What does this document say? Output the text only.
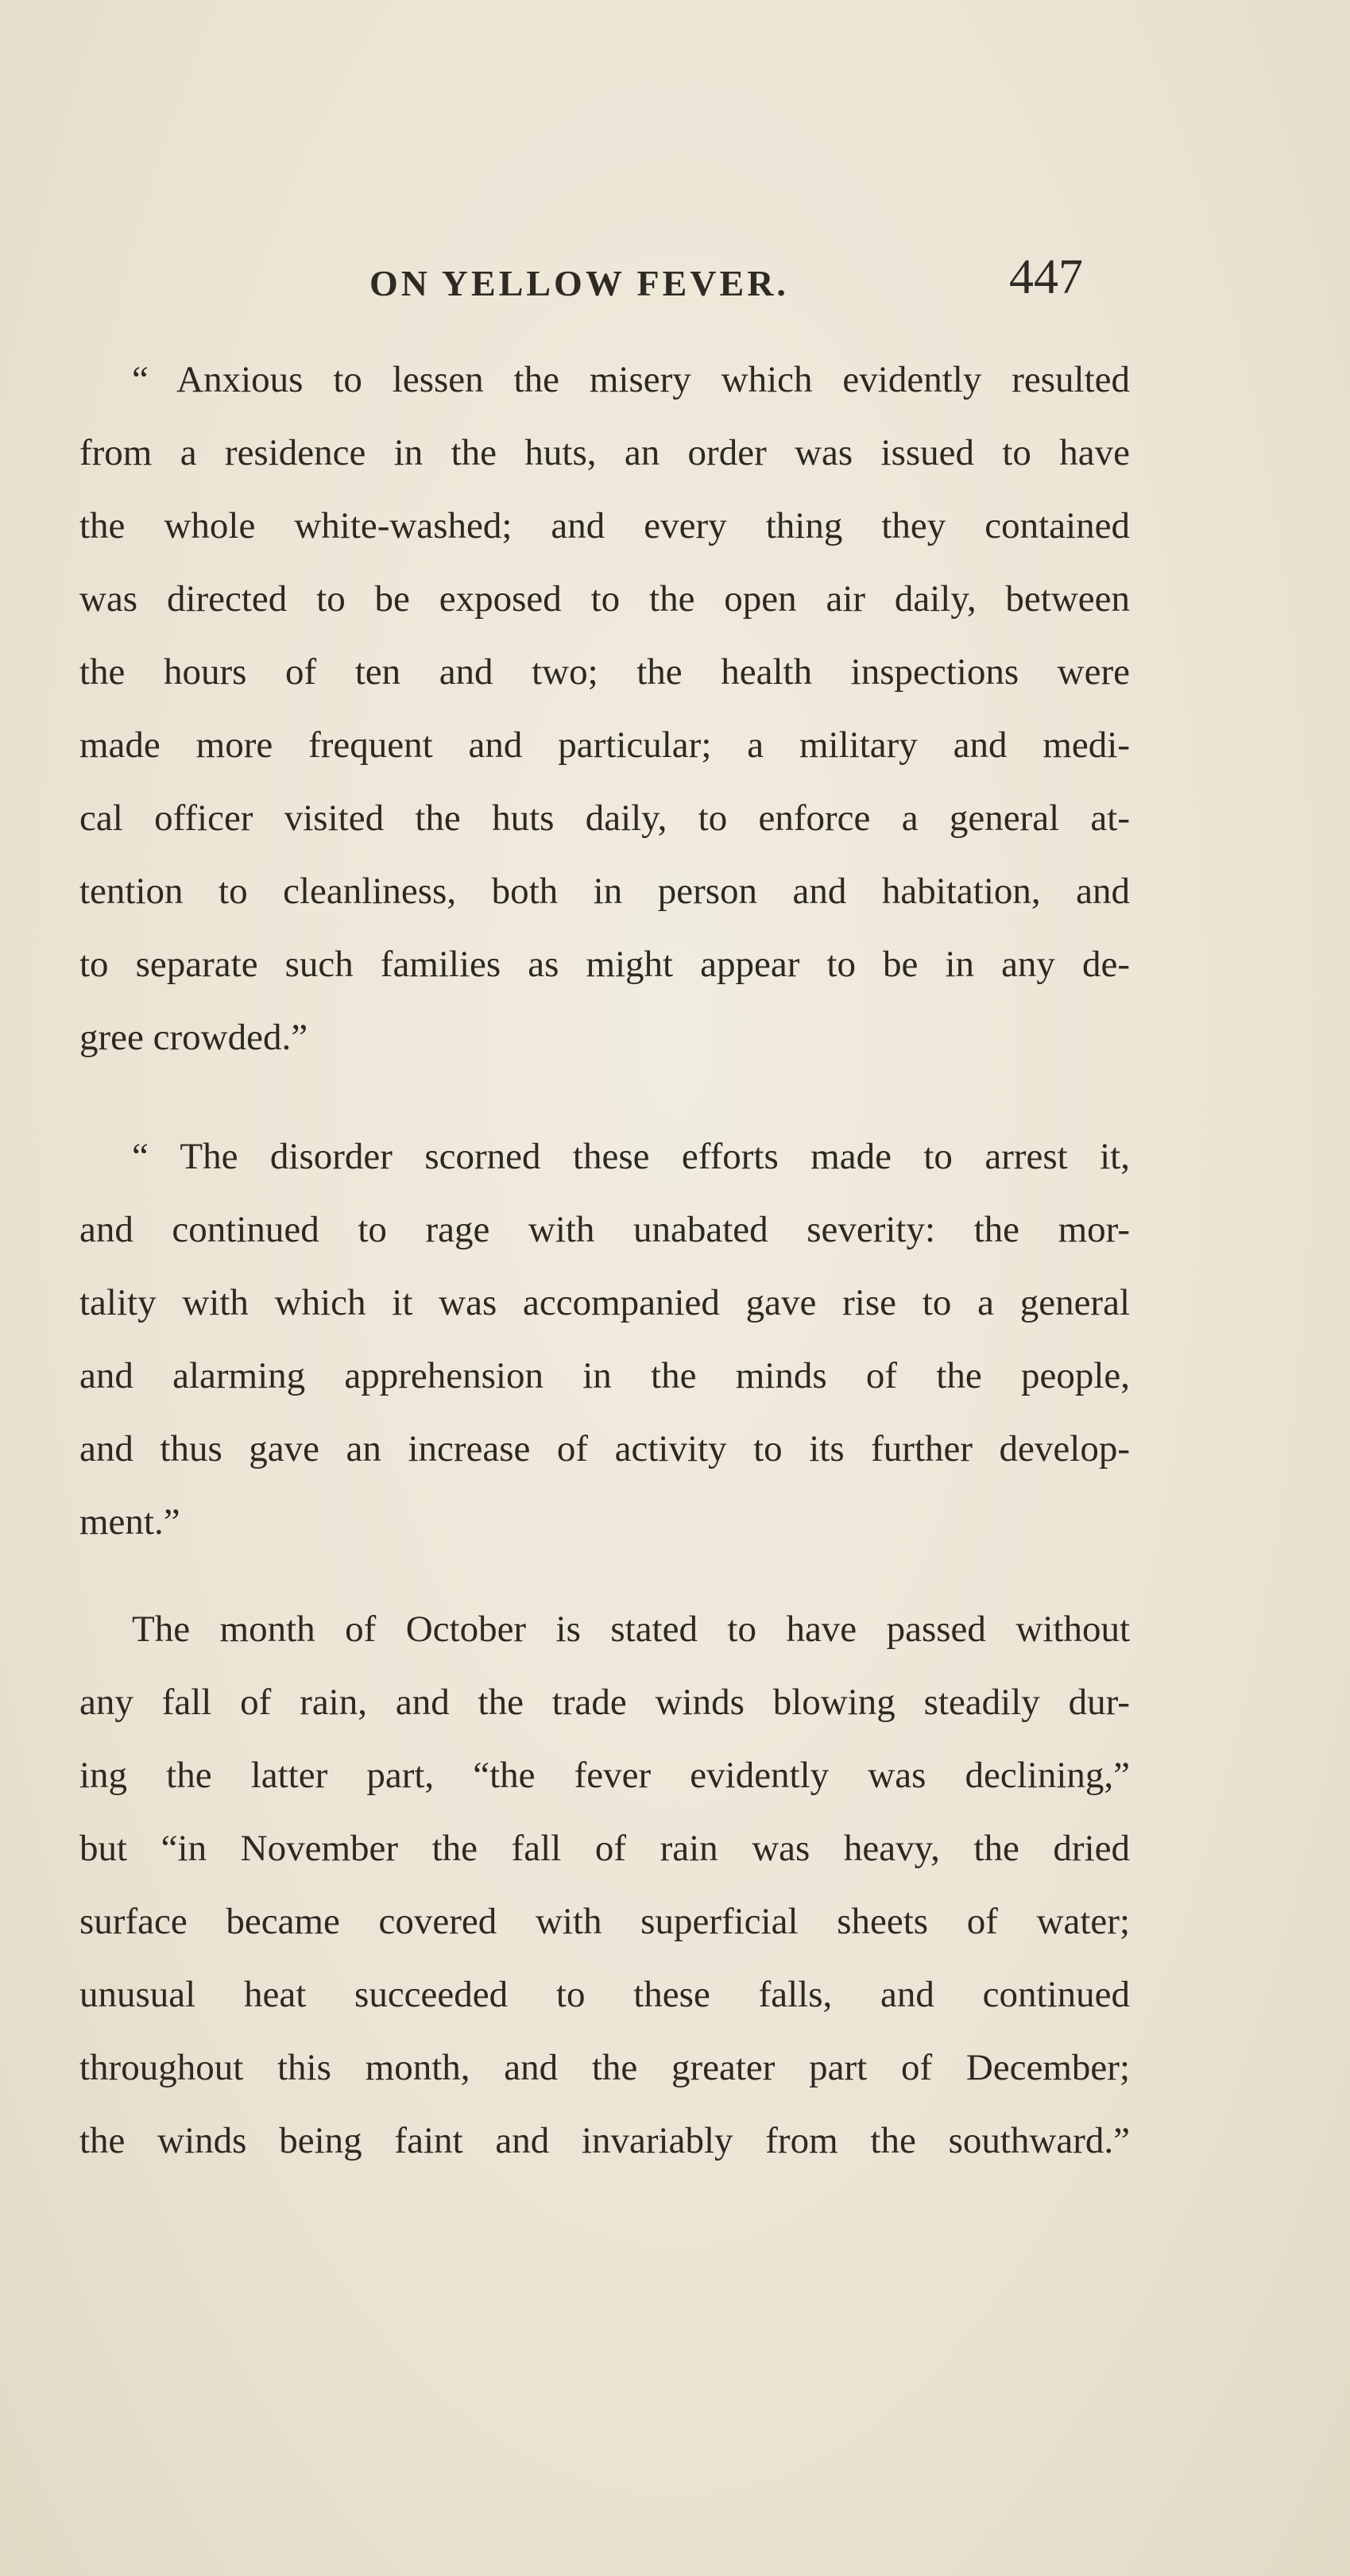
ON YELLOW FEVER.	447
“ Anxious to lessen the misery which evidently resulted
from a residence in the huts, an order was issued to have
the whole white-washed; and every thing they contained
was directed to be exposed to the open air daily, between
the hours of ten and two; the health inspections were
made more frequent and particular; a military and medi-
cal officer visited the huts daily, to enforce a general at-
tention to cleanliness, both in person and habitation, and
to separate such families as might appear to be in any de-
gree crowded.”
“ The disorder scorned these efforts made to arrest it,
and continued to rage with unabated severity: the mor-
tality with which it was accompanied gave rise to a general
and alarming apprehension in the minds of the people,
and thus gave an increase of activity to its further develop-
ment.”
The month of October is stated to have passed without
any fall of rain, and the trade winds blowing steadily dur-
ing the latter part, “the fever evidently was declining,”
but “in November the fall of rain was heavy, the dried
surface became covered with superficial sheets of water;
unusual heat succeeded to these falls, and continued
throughout this month, and the greater part of December;
the winds being faint and invariably from the southward.”
